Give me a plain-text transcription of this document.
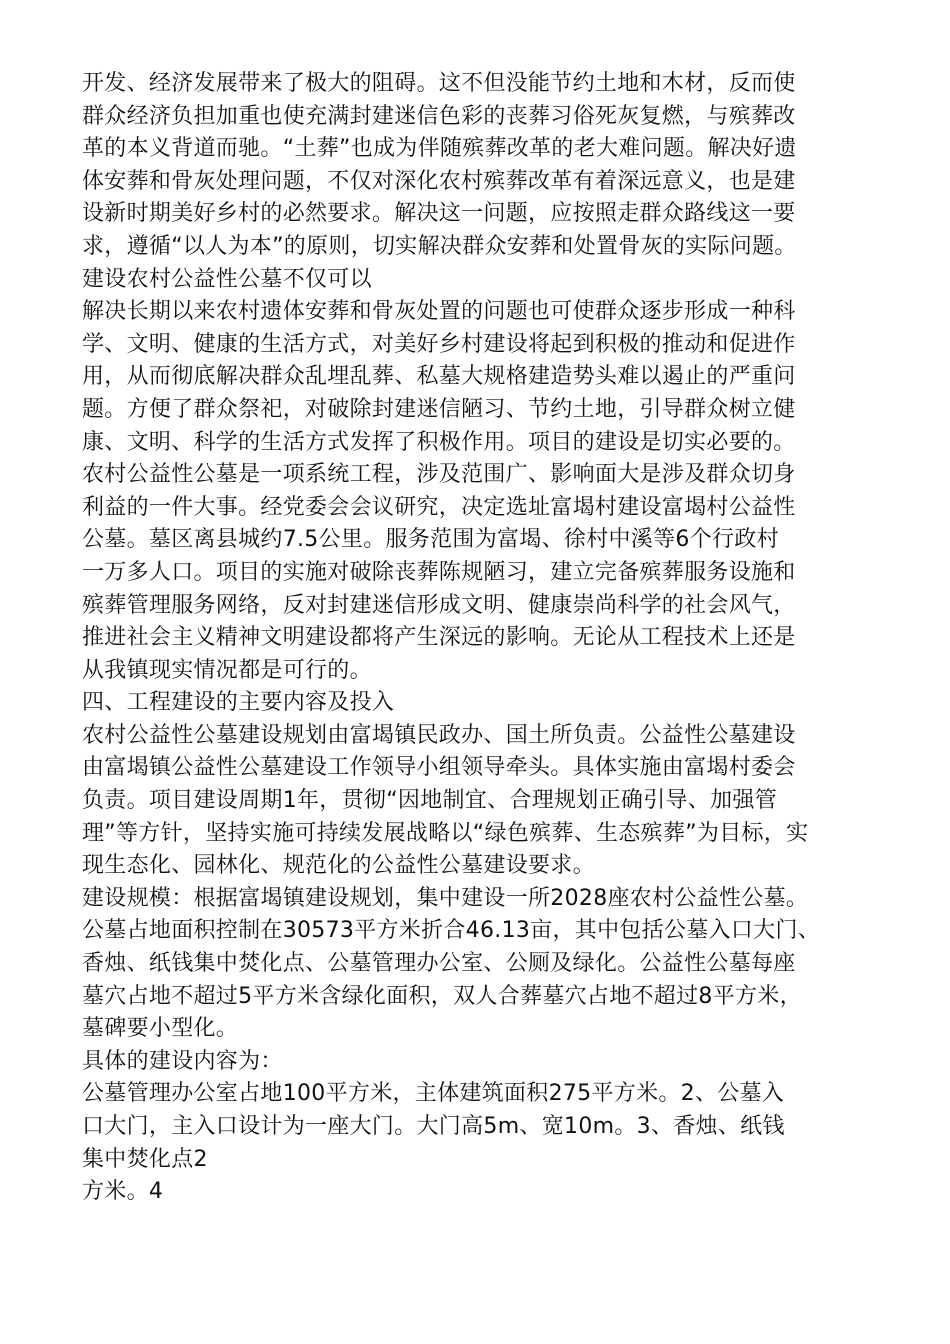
开发、经济发展带来了极大的阻碍。这不但没能节约土地和木材，反而使
群众经济负担加重也使充满封建迷信色彩的丧葬习俗死灰复燃，与殡葬改
革的本义背道而驰。“土葬”也成为伴随殡葬改革的老大难问题。解决好遗
体安葬和骨灰处理问题，不仅对深化农村殡葬改革有着深远意义，也是建
设新时期美好乡村的必然要求。解决这一问题，应按照走群众路线这一要
求，遵循“以人为本”的原则，切实解决群众安葬和处置骨灰的实际问题。
建设农村公益性公墓不仅可以
解决长期以来农村遗体安葬和骨灰处置的问题也可使群众逐步形成一种科
学、文明、健康的生活方式，对美好乡村建设将起到积极的推动和促进作
用，从而彻底解决群众乱埋乱葬、私墓大规格建造势头难以遏止的严重问
题。方便了群众祭祀，对破除封建迷信陋习、节约土地，引导群众树立健
康、文明、科学的生活方式发挥了积极作用。项目的建设是切实必要的。
农村公益性公墓是一项系统工程，涉及范围广、影响面大是涉及群众切身
利益的一件大事。经党委会会议研究，决定选址富堨村建设富堨村公益性
公墓。墓区离县城约7.5公里。服务范围为富堨、徐村中溪等6个行政村
一万多人口。项目的实施对破除丧葬陈规陋习，建立完备殡葬服务设施和
殡葬管理服务网络，反对封建迷信形成文明、健康崇尚科学的社会风气，
推进社会主义精神文明建设都将产生深远的影响。无论从工程技术上还是
从我镇现实情况都是可行的。
四、工程建设的主要内容及投入
农村公益性公墓建设规划由富堨镇民政办、国土所负责。公益性公墓建设
由富堨镇公益性公墓建设工作领导小组领导牵头。具体实施由富堨村委会
负责。项目建设周期1年，贯彻“因地制宜、合理规划正确引导、加强管
理”等方针，坚持实施可持续发展战略以“绿色殡葬、生态殡葬”为目标，实
现生态化、园林化、规范化的公益性公墓建设要求。
建设规模：根据富堨镇建设规划，集中建设一所2028座农村公益性公墓。
公墓占地面积控制在30573平方米折合46.13亩，其中包括公墓入口大门、
香烛、纸钱集中焚化点、公墓管理办公室、公厕及绿化。公益性公墓每座
墓穴占地不超过5平方米含绿化面积，双人合葬墓穴占地不超过8平方米，
墓碑要小型化。
具体的建设内容为：
公墓管理办公室占地100平方米，主体建筑面积275平方米。2、公墓入
口大门，主入口设计为一座大门。大门高5m、宽10m。3、香烛、纸钱
集中焚化点2
方米。4
